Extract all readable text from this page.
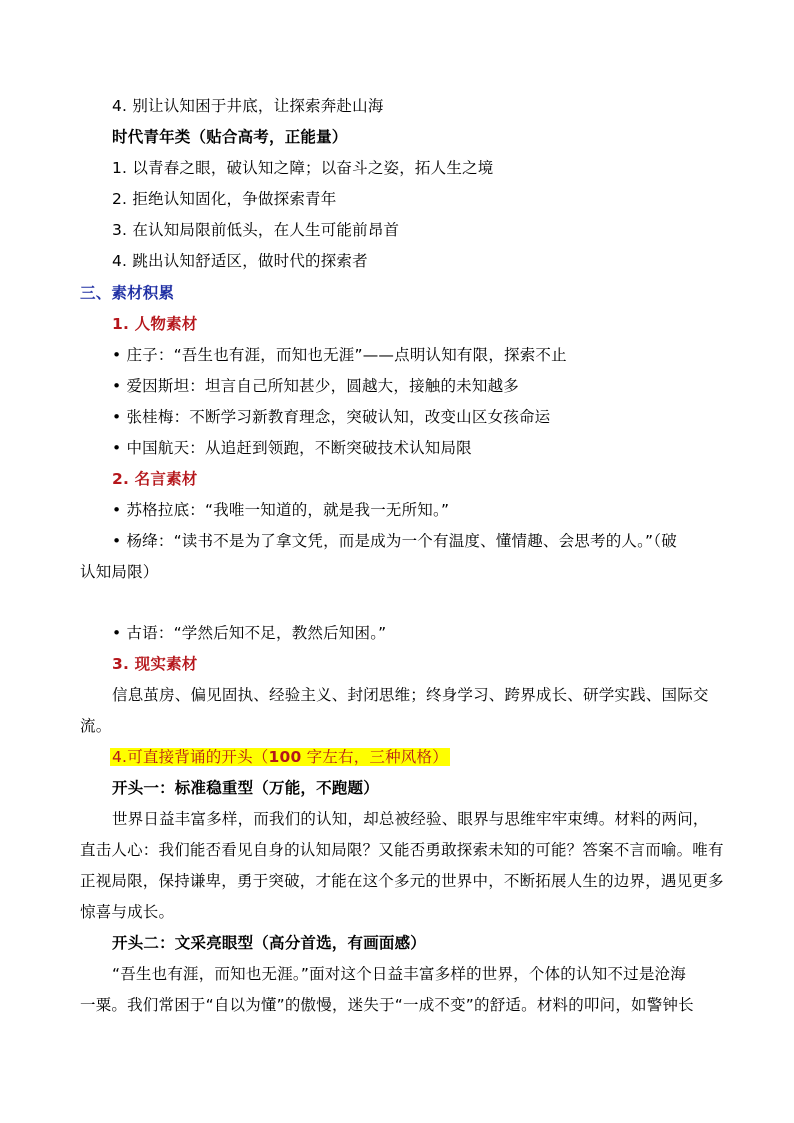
4. 别让认知困于井底，让探索奔赴山海
时代青年类（贴合高考，正能量）
1. 以青春之眼，破认知之障；以奋斗之姿，拓人生之境
2. 拒绝认知固化，争做探索青年
3. 在认知局限前低头，在人生可能前昂首
4. 跳出认知舒适区，做时代的探索者
三、素材积累
1. 人物素材
• 庄子：“吾生也有涯，而知也无涯”——点明认知有限，探索不止
• 爱因斯坦：坦言自己所知甚少，圆越大，接触的未知越多
• 张桂梅：不断学习新教育理念，突破认知，改变山区女孩命运
• 中国航天：从追赶到领跑，不断突破技术认知局限
2. 名言素材
• 苏格拉底：“我唯一知道的，就是我一无所知。”
• 杨绛：“读书不是为了拿文凭，而是成为一个有温度、懂情趣、会思考的人。”（破
认知局限）
• 古语：“学然后知不足，教然后知困。”
3. 现实素材
信息茧房、偏见固执、经验主义、封闭思维；终身学习、跨界成长、研学实践、国际交
流。
4.可直接背诵的开头（100 字左右，三种风格）
开头一：标准稳重型（万能，不跑题）
世界日益丰富多样，而我们的认知，却总被经验、眼界与思维牢牢束缚。材料的两问，
直击人心：我们能否看见自身的认知局限？又能否勇敢探索未知的可能？答案不言而喻。唯有
正视局限，保持谦卑，勇于突破，才能在这个多元的世界中，不断拓展人生的边界，遇见更多
惊喜与成长。
开头二：文采亮眼型（高分首选，有画面感）
“吾生也有涯，而知也无涯。”面对这个日益丰富多样的世界，个体的认知不过是沧海
一粟。我们常困于“自以为懂”的傲慢，迷失于“一成不变”的舒适。材料的叩问，如警钟长
